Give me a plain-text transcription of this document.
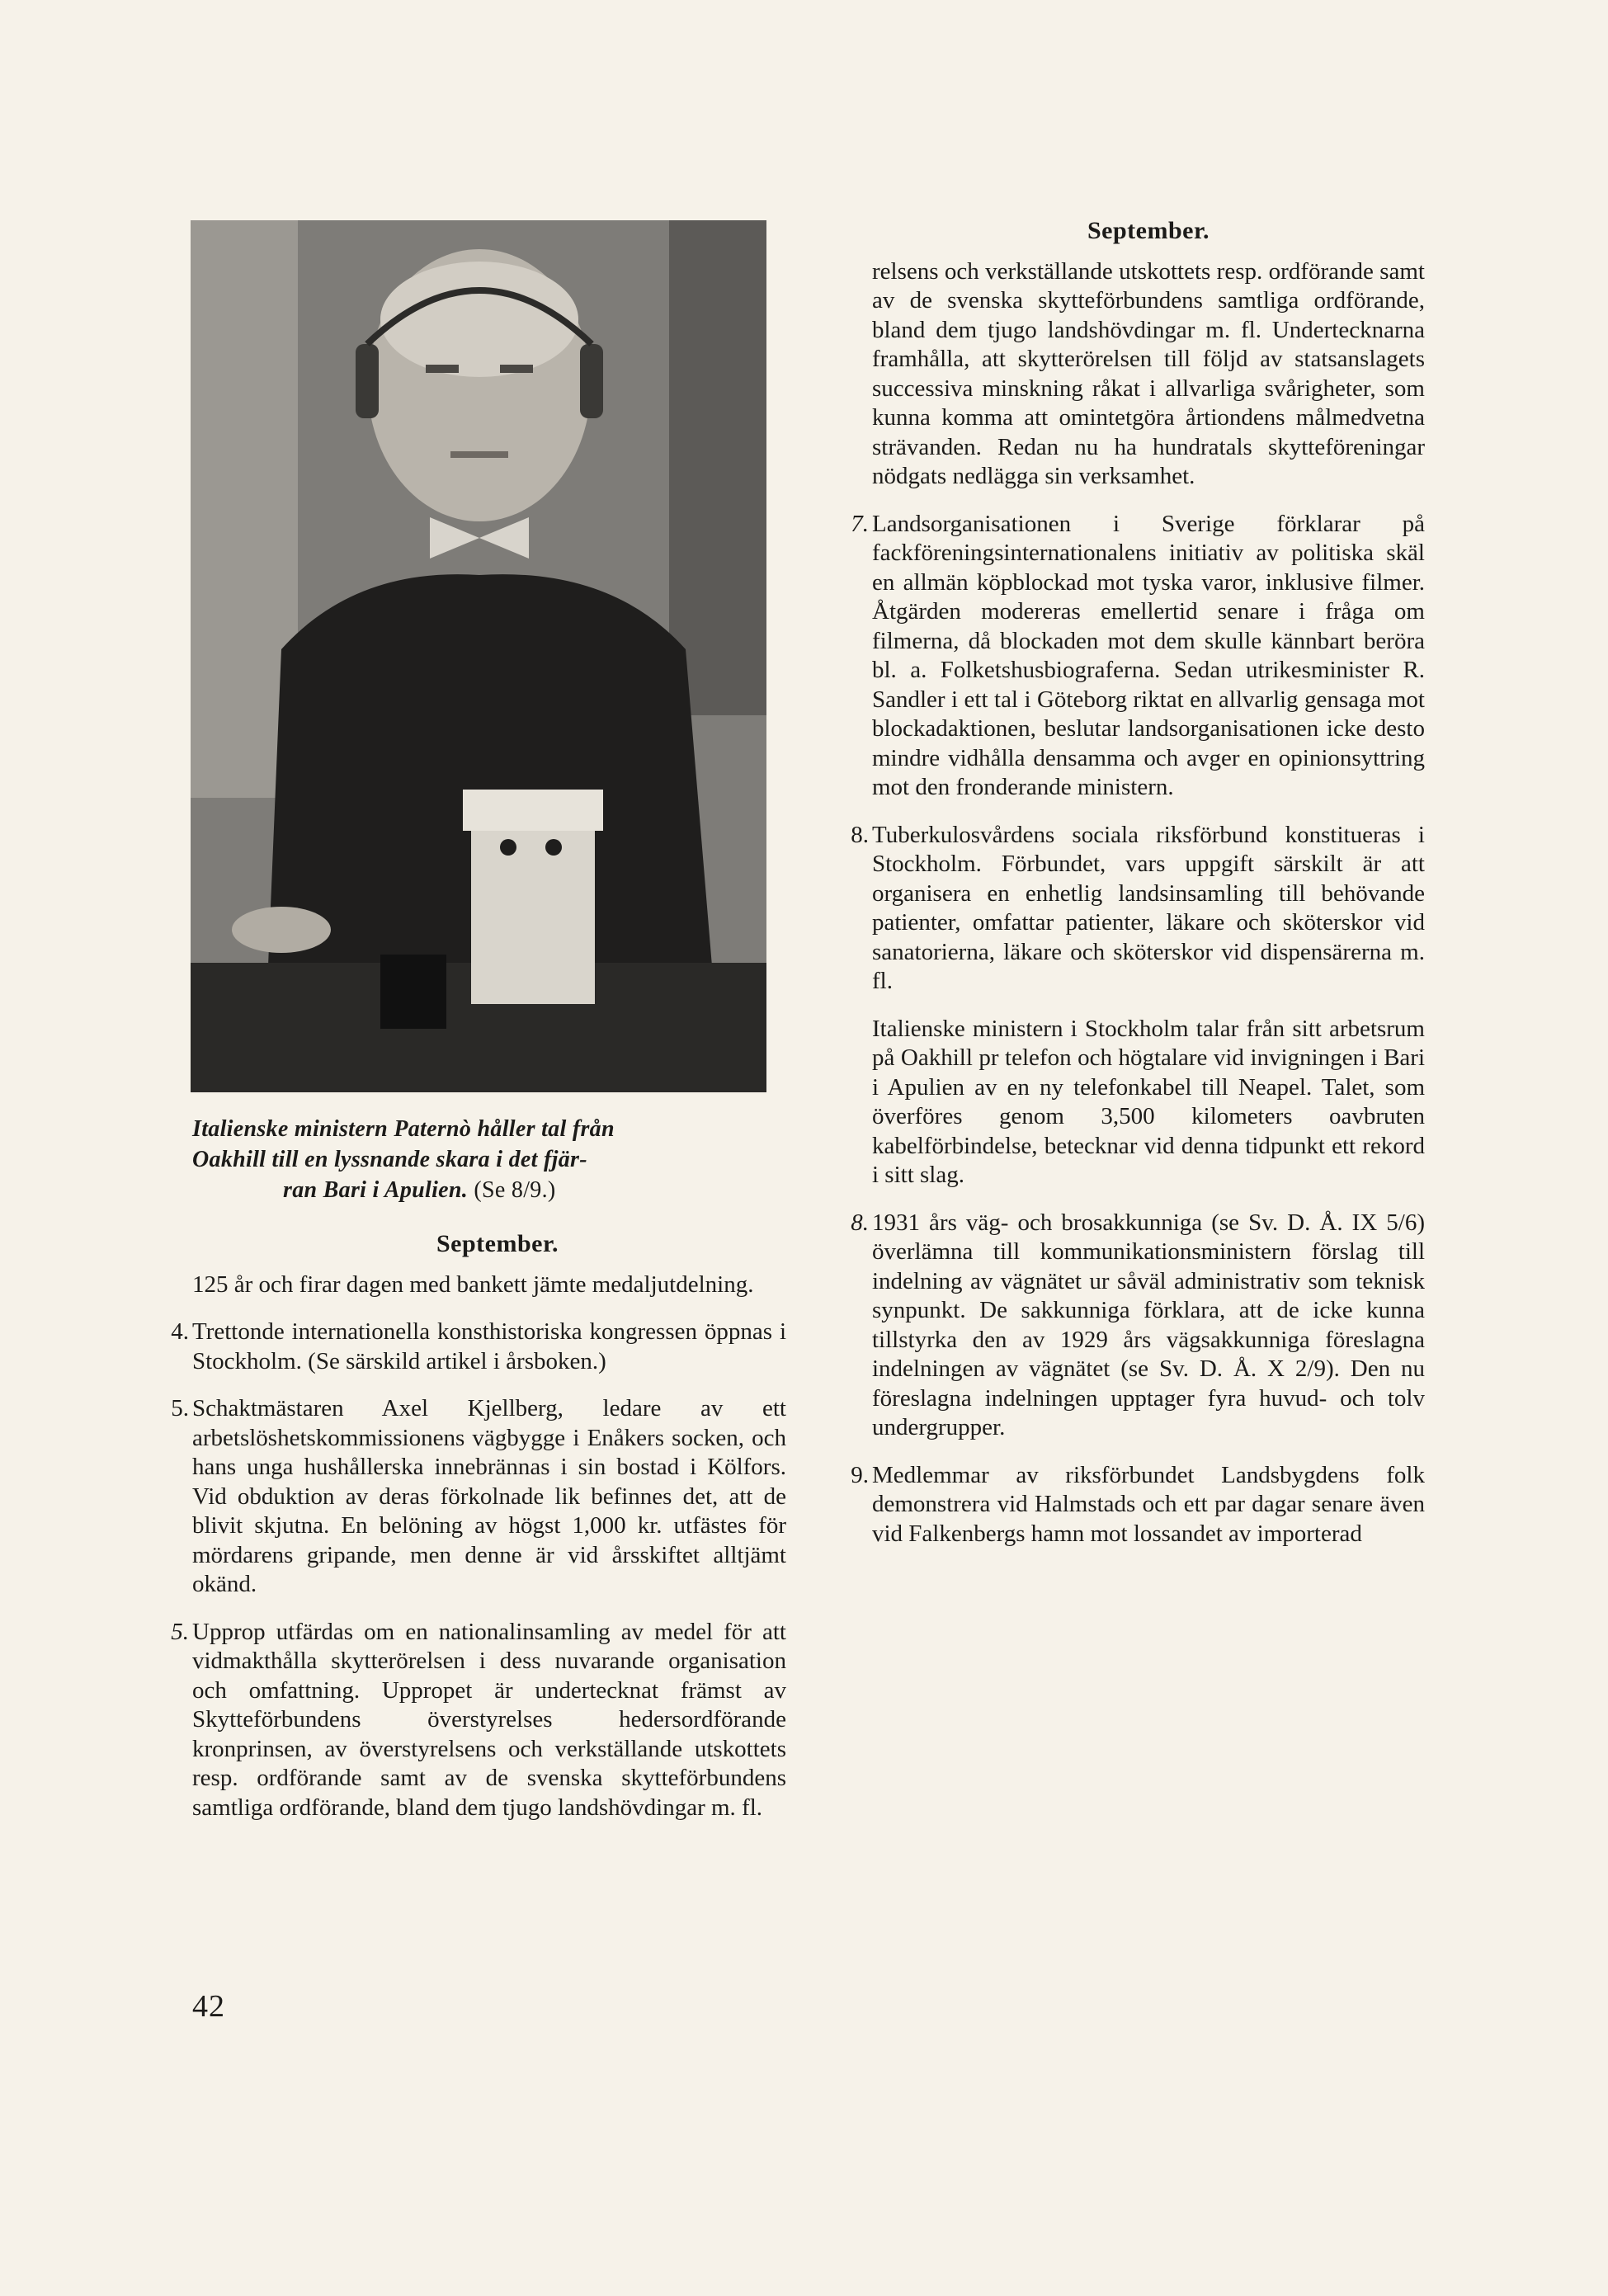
Italienske ministern Paternò håller tal från
Oakhill till en lyssnande skara i det fjär-
ran Bari i Apulien. (Se 8/9.)
September.

125 år och firar dagen med bankett jämte medaljutdelning.

4. Trettonde internationella konsthistoriska kongressen öppnas i Stockholm. (Se särskild artikel i årsboken.)

5. Schaktmästaren Axel Kjellberg, ledare av ett arbetslöshetskommissionens vägbygge i Enåkers socken, och hans unga hushållerska innebrännas i sin bostad i Kölfors. Vid obduktion av deras förkolnade lik befinnes det, att de blivit skjutna. En belöning av högst 1,000 kr. utfästes för mördarens gripande, men denne är vid årsskiftet alltjämt okänd.

5. Upprop utfärdas om en nationalinsamling av medel för att vidmakthålla skytterörelsen i dess nuvarande organisation och omfattning. Uppropet är undertecknat främst av Skytteförbundens överstyrelses hedersordförande kronprinsen, av överstyrelsens och verkställande utskottets resp. ordförande samt av de svenska skytteförbundens samtliga ordförande, bland dem tjugo landshövdingar m. fl.

September.

relsens och verkställande utskottets resp. ordförande samt av de svenska skytteförbundens samtliga ordförande, bland dem tjugo landshövdingar m. fl. Undertecknarna framhålla, att skytterörelsen till följd av statsanslagets successiva minskning råkat i allvarliga svårigheter, som kunna komma att omintetgöra årtiondens målmedvetna strävanden. Redan nu ha hundratals skytteföreningar nödgats nedlägga sin verksamhet.

7. Landsorganisationen i Sverige förklarar på fackföreningsinternationalens initiativ av politiska skäl en allmän köpblockad mot tyska varor, inklusive filmer. Åtgärden modereras emellertid senare i fråga om filmerna, då blockaden mot dem skulle kännbart beröra bl. a. Folketshusbiograferna. Sedan utrikesminister R. Sandler i ett tal i Göteborg riktat en allvarlig gensaga mot blockadaktionen, beslutar landsorganisationen icke desto mindre vidhålla densamma och avger en opinionsyttring mot den fronderande ministern.

8. Tuberkulosvårdens sociala riksförbund konstitueras i Stockholm. Förbundet, vars uppgift särskilt är att organisera en enhetlig landsinsamling till behövande patienter, omfattar patienter, läkare och sköterskor vid sanatorierna, läkare och sköterskor vid dispensärerna m. fl.

Italienske ministern i Stockholm talar från sitt arbetsrum på Oakhill pr telefon och högtalare vid invigningen i Bari i Apulien av en ny telefonkabel till Neapel. Talet, som överföres genom 3,500 kilometers oavbruten kabelförbindelse, betecknar vid denna tidpunkt ett rekord i sitt slag.

8. 1931 års väg- och brosakkunniga (se Sv. D. Å. IX 5/6) överlämna till kommunikationsministern förslag till indelning av vägnätet ur såväl administrativ som teknisk synpunkt. De sakkunniga förklara, att de icke kunna tillstyrka den av 1929 års vägsakkunniga föreslagna indelningen av vägnätet (se Sv. D. Å. X 2/9). Den nu föreslagna indelningen upptager fyra huvud- och tolv undergrupper.

9. Medlemmar av riksförbundet Landsbygdens folk demonstrera vid Halmstads och ett par dagar senare även vid Falkenbergs hamn mot lossandet av importerad

42
